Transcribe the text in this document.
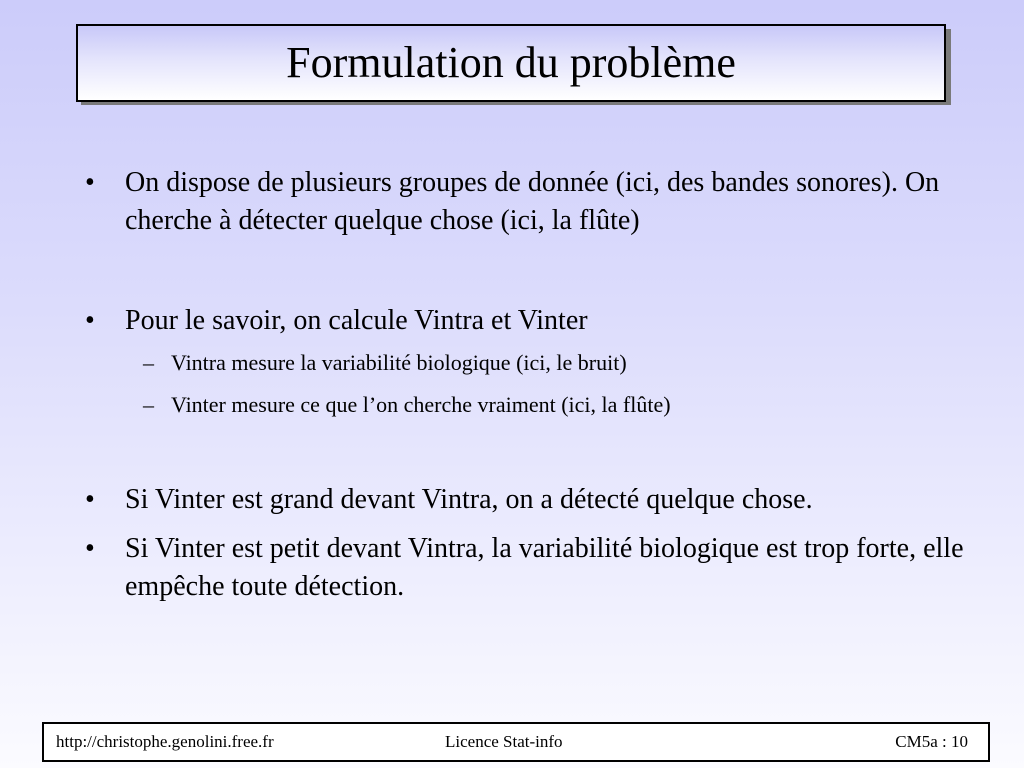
Formulation du problème
•	On dispose de plusieurs groupes de donnée (ici, des bandes sonores). On cherche à détecter quelque chose (ici, la flûte)
•	Pour le savoir, on calcule Vintra et Vinter
– Vintra mesure la variabilité biologique (ici, le bruit)
– Vinter mesure ce que l’on cherche vraiment (ici, la flûte)
•	Si Vinter est grand devant Vintra, on a détecté quelque chose.
•	Si Vinter est petit devant Vintra, la variabilité biologique est trop forte, elle empêche toute détection.
http://christophe.genolini.free.fr	Licence Stat-info	CM5a : 10
